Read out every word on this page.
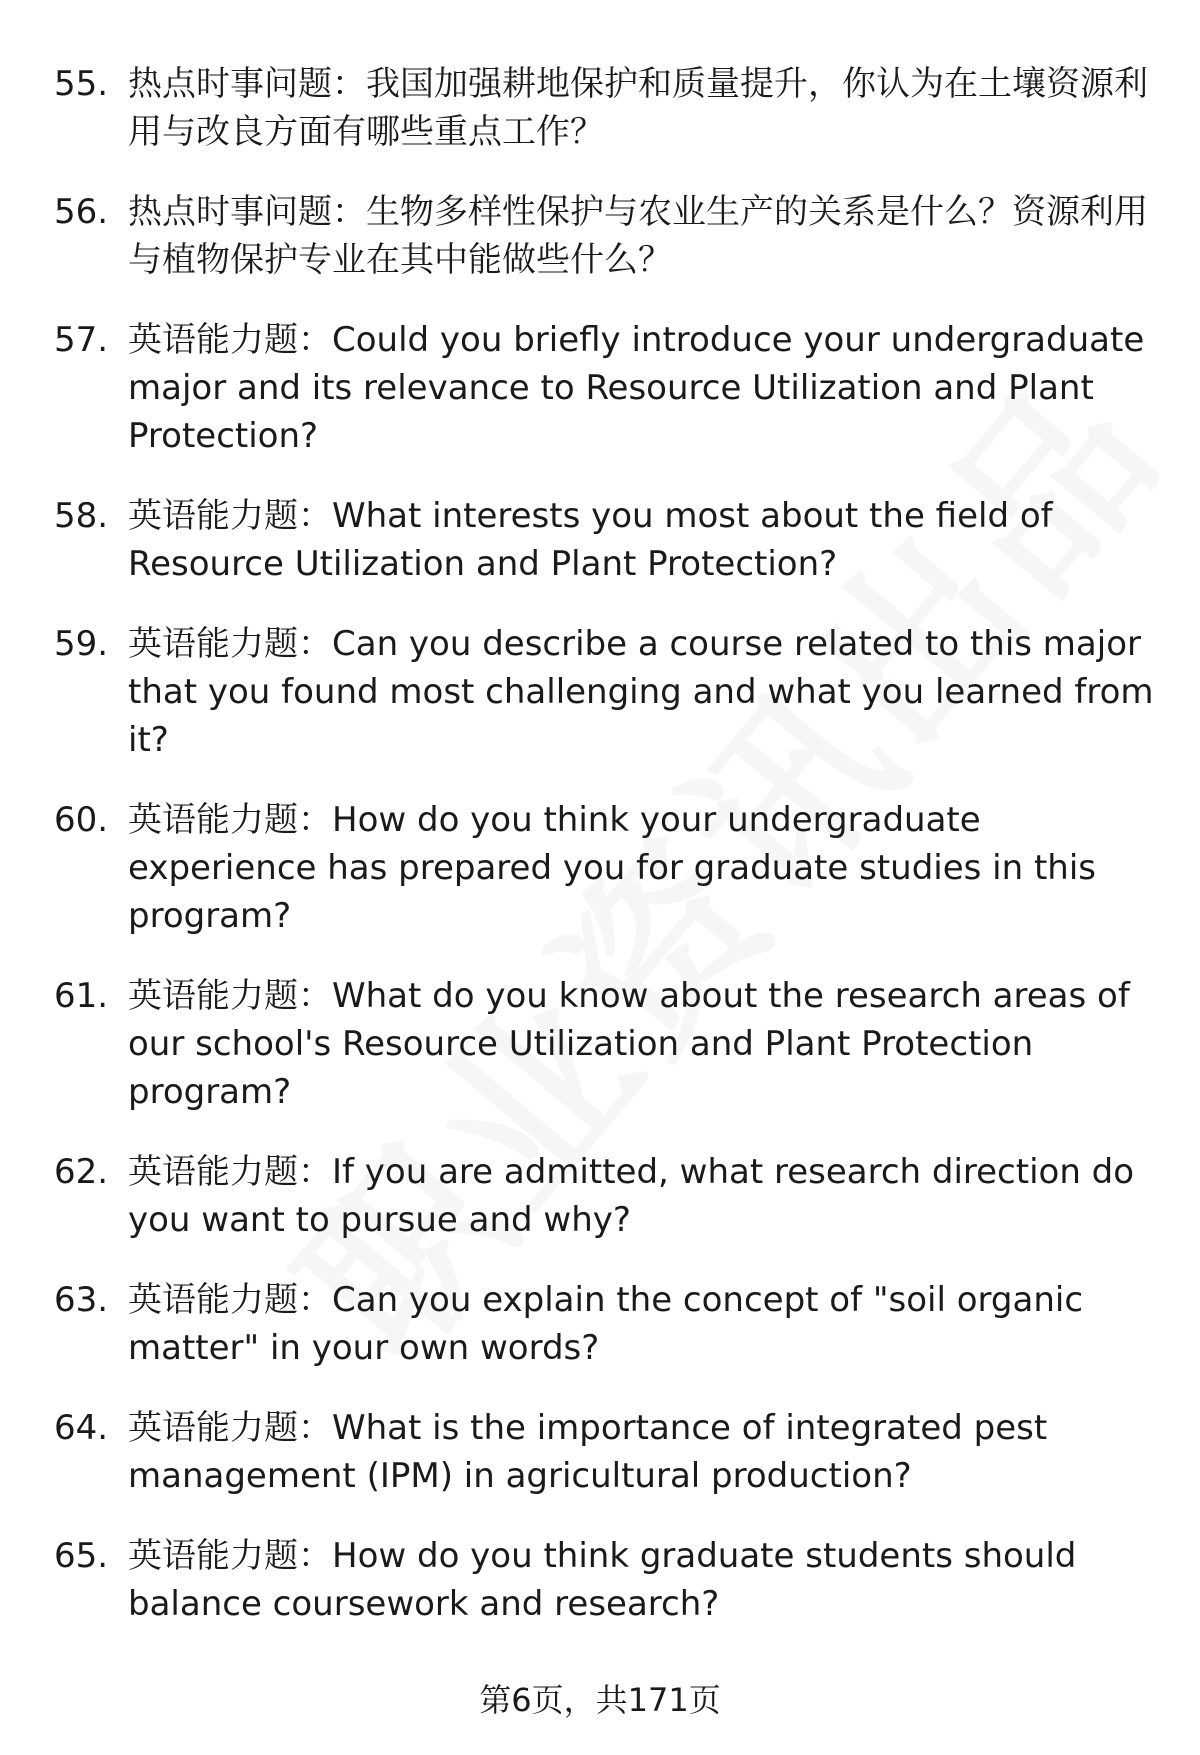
55. 热点时事问题：我国加强耕地保护和质量提升，你认为在土壤资源利用与改良方面有哪些重点工作？
56. 热点时事问题：生物多样性保护与农业生产的关系是什么？资源利用与植物保护专业在其中能做些什么？
57. 英语能力题：Could you briefly introduce your undergraduate major and its relevance to Resource Utilization and Plant Protection?
58. 英语能力题：What interests you most about the field of Resource Utilization and Plant Protection?
59. 英语能力题：Can you describe a course related to this major that you found most challenging and what you learned from it?
60. 英语能力题：How do you think your undergraduate experience has prepared you for graduate studies in this program?
61. 英语能力题：What do you know about the research areas of our school's Resource Utilization and Plant Protection program?
62. 英语能力题：If you are admitted, what research direction do you want to pursue and why?
63. 英语能力题：Can you explain the concept of "soil organic matter" in your own words?
64. 英语能力题：What is the importance of integrated pest management (IPM) in agricultural production?
65. 英语能力题：How do you think graduate students should balance coursework and research?
第6页，共171页
